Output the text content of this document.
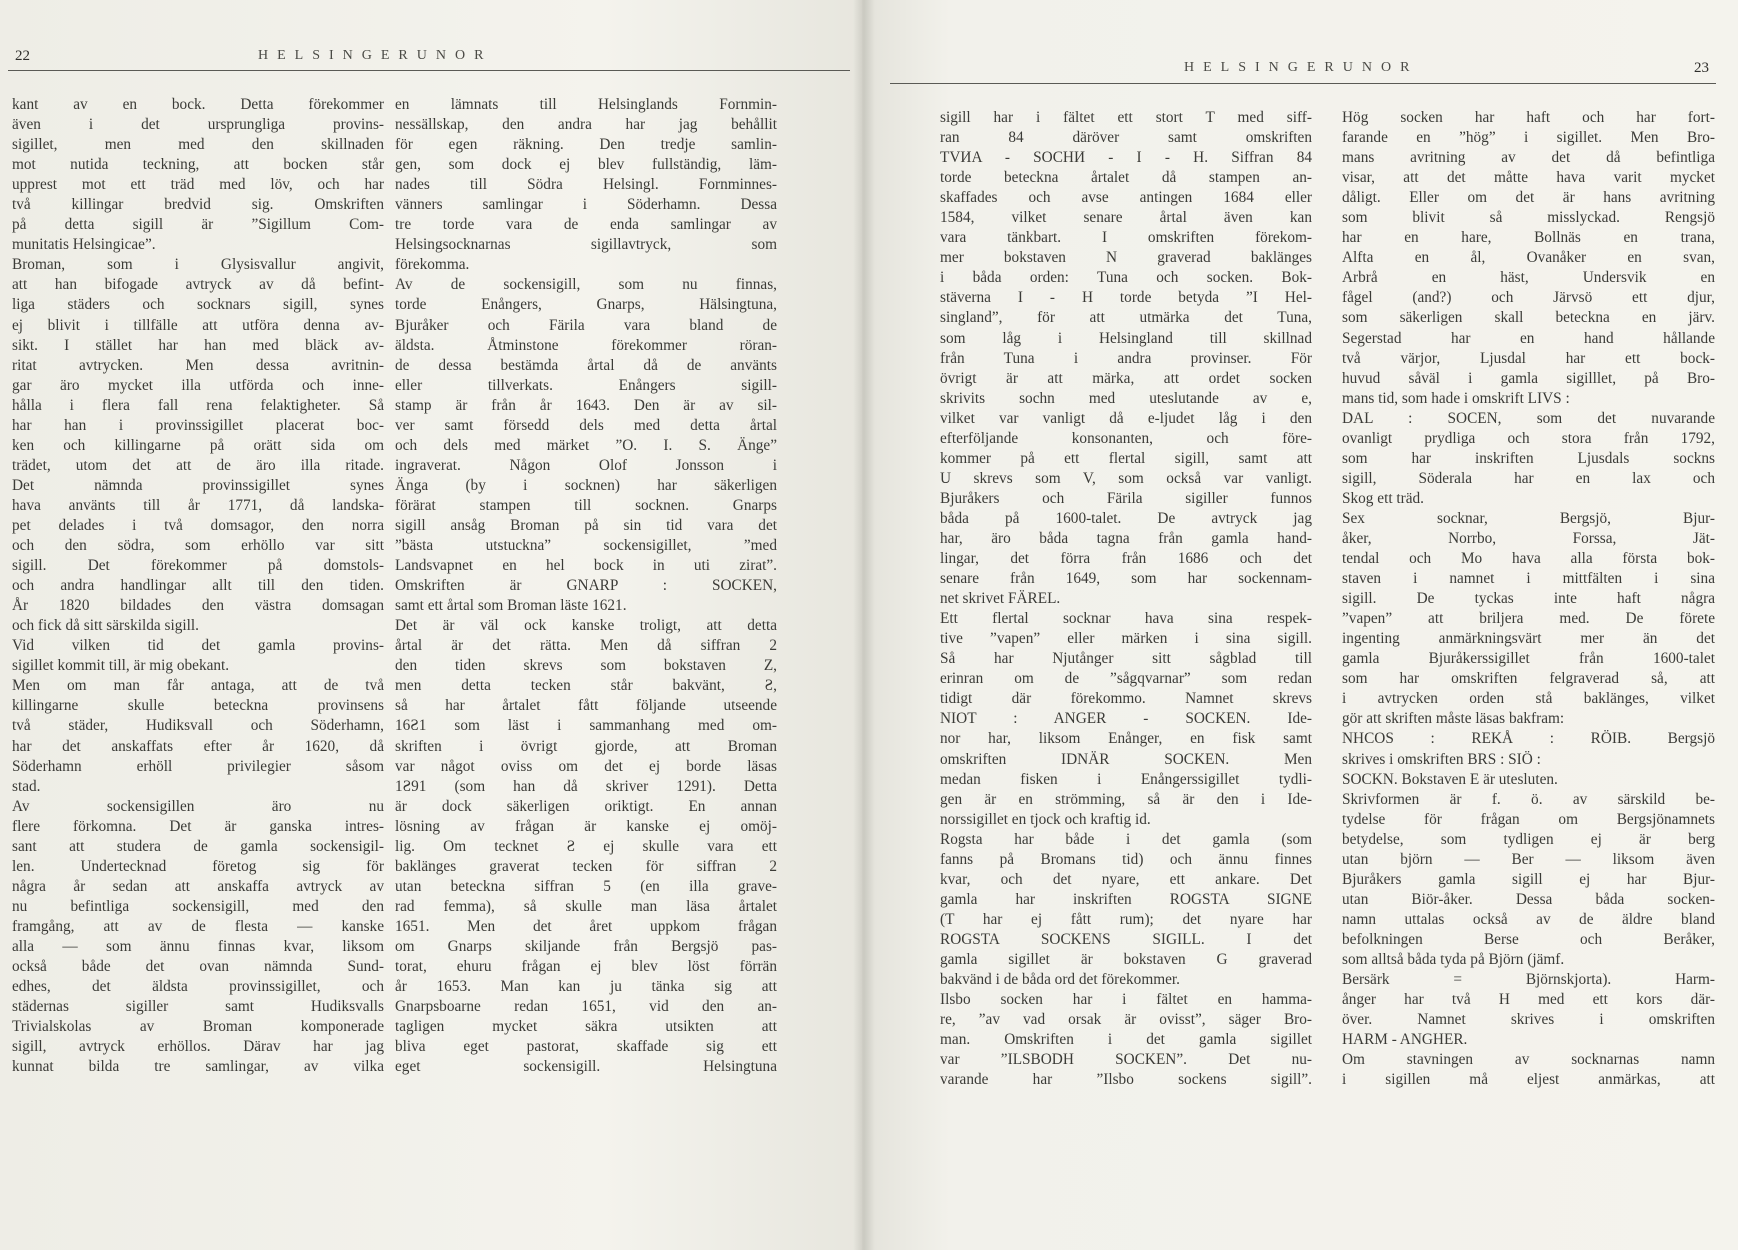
22	HELSINGERUNOR
kant av en bock. Detta förekommer
även i det ursprungliga provins-
sigillet, men med den skillnaden
mot nutida teckning, att bocken står
upprest mot ett träd med löv, och har
två killingar bredvid sig. Omskriften
på detta sigill är ”Sigillum Com-
munitatis Helsingicae”.
Broman, som i Glysisvallur angivit,
att han bifogade avtryck av då befint-
liga städers och socknars sigill, synes
ej blivit i tillfälle att utföra denna av-
sikt. I stället har han med bläck av-
ritat avtrycken. Men dessa avritnin-
gar äro mycket illa utförda och inne-
hålla i flera fall rena felaktigheter. Så
har han i provinssigillet placerat boc-
ken och killingarne på orätt sida om
trädet, utom det att de äro illa ritade.
Det nämnda provinssigillet synes
hava använts till år 1771, då landska-
pet delades i två domsagor, den norra
och den södra, som erhöllo var sitt
sigill. Det förekommer på domstols-
och andra handlingar allt till den tiden.
År 1820 bildades den västra domsagan
och fick då sitt särskilda sigill.
Vid vilken tid det gamla provins-
sigillet kommit till, är mig obekant.
Men om man får antaga, att de två
killingarne skulle beteckna provinsens
två städer, Hudiksvall och Söderhamn,
har det anskaffats efter år 1620, då
Söderhamn erhöll privilegier såsom
stad.
Av sockensigillen äro nu
flere förkomna. Det är ganska intres-
sant att studera de gamla sockensigil-
len. Undertecknad företog sig för
några år sedan att anskaffa avtryck av
nu befintliga sockensigill, med den
framgång, att av de flesta — kanske
alla — som ännu finnas kvar, liksom
också både det ovan nämnda Sund-
edhes, det äldsta provinssigillet, och
städernas sigiller samt Hudiksvalls
Trivialskolas av Broman komponerade
sigill, avtryck erhöllos. Därav har jag
kunnat bilda tre samlingar, av vilka
en lämnats till Helsinglands Fornmin-
nessällskap, den andra har jag behållit
för egen räkning. Den tredje samlin-
gen, som dock ej blev fullständig, läm-
nades till Södra Helsingl. Fornminnes-
vänners samlingar i Söderhamn. Dessa
tre torde vara de enda samlingar av
Helsingsocknarnas sigillavtryck, som
förekomma.
Av de sockensigill, som nu finnas,
torde Enångers, Gnarps, Hälsingtuna,
Bjuråker och Färila vara bland de
äldsta. Åtminstone förekommer röran-
de dessa bestämda årtal då de använts
eller tillverkats. Enångers sigill-
stamp är från år 1643. Den är av sil-
ver samt försedd dels med detta årtal
och dels med märket ”O. I. S. Änge”
ingraverat. Någon Olof Jonsson i
Änga (by i socknen) har säkerligen
förärat stampen till socknen. Gnarps
sigill ansåg Broman på sin tid vara det
”bästa utstuckna” sockensigillet, ”med
Landsvapnet en hel bock in uti zirat”.
Omskriften är GNARP : SOCKEN,
samt ett årtal som Broman läste 1621.
Det är väl ock kanske troligt, att detta
årtal är det rätta. Men då siffran 2
den tiden skrevs som bokstaven Z,
men detta tecken står bakvänt, Ƨ,
så har årtalet fått följande utseende
16Ƨ1 som läst i sammanhang med om-
skriften i övrigt gjorde, att Broman
var något oviss om det ej borde läsas
1Ƨ91 (som han då skriver 1291). Detta
är dock säkerligen oriktigt. En annan
lösning av frågan är kanske ej omöj-
lig. Om tecknet Ƨ ej skulle vara ett
baklänges graverat tecken för siffran 2
utan beteckna siffran 5 (en illa grave-
rad femma), så skulle man läsa årtalet
1651. Men det året uppkom frågan
om Gnarps skiljande från Bergsjö pas-
torat, ehuru frågan ej blev löst förrän
år 1653. Man kan ju tänka sig att
Gnarpsboarne redan 1651, vid den an-
tagligen mycket säkra utsikten att
bliva eget pastorat, skaffade sig ett
eget sockensigill. Helsingtuna
HELSINGERUNOR	23
sigill har i fältet ett stort T med siff-
ran 84 däröver samt omskriften
TVИA - SOCHИ - I - H. Siffran 84
torde beteckna årtalet då stampen an-
skaffades och avse antingen 1684 eller
1584, vilket senare årtal även kan
vara tänkbart. I omskriften förekom-
mer bokstaven N graverad baklänges
i båda orden: Tuna och socken. Bok-
stäverna I - H torde betyda ”I Hel-
singland”, för att utmärka det Tuna,
som låg i Helsingland till skillnad
från Tuna i andra provinser. För
övrigt är att märka, att ordet socken
skrivits sochn med uteslutande av e,
vilket var vanligt då e-ljudet låg i den
efterföljande konsonanten, och före-
kommer på ett flertal sigill, samt att
U skrevs som V, som också var vanligt.
Bjuråkers och Färila sigiller funnos
båda på 1600-talet. De avtryck jag
har, äro båda tagna från gamla hand-
lingar, det förra från 1686 och det
senare från 1649, som har sockennam-
net skrivet FÄREL.
Ett flertal socknar hava sina respek-
tive ”vapen” eller märken i sina sigill.
Så har Njutånger sitt sågblad till
erinran om de ”sågqvarnar” som redan
tidigt där förekommo. Namnet skrevs
NIOT : ANGER - SOCKEN. Ide-
nor har, liksom Enånger, en fisk samt
omskriften IDNÄR SOCKEN. Men
medan fisken i Enångerssigillet tydli-
gen är en strömming, så är den i Ide-
norssigillet en tjock och kraftig id.
Rogsta har både i det gamla (som
fanns på Bromans tid) och ännu finnes
kvar, och det nyare, ett ankare. Det
gamla har inskriften ROGSTA SIGNE
(T har ej fått rum); det nyare har
ROGSTA SOCKENS SIGILL. I det
gamla sigillet är bokstaven G graverad
bakvänd i de båda ord det förekommer.
Ilsbo socken har i fältet en hamma-
re, ”av vad orsak är ovisst”, säger Bro-
man. Omskriften i det gamla sigillet
var ”ILSBODH SOCKEN”. Det nu-
varande har ”Ilsbo sockens sigill”.
Hög socken har haft och har fort-
farande en ”hög” i sigillet. Men Bro-
mans avritning av det då befintliga
visar, att det måtte hava varit mycket
dåligt. Eller om det är hans avritning
som blivit så misslyckad. Rengsjö
har en hare, Bollnäs en trana,
Alfta en ål, Ovanåker en svan,
Arbrå en häst, Undersvik en
fågel (and?) och Järvsö ett djur,
som säkerligen skall beteckna en järv.
Segerstad har en hand hållande
två värjor, Ljusdal har ett bock-
huvud såväl i gamla sigilllet, på Bro-
mans tid, som hade i omskrift LIVS :
DAL : SOCEN, som det nuvarande
ovanligt prydliga och stora från 1792,
som har inskriften Ljusdals sockns
sigill, Söderala har en lax och
Skog ett träd.
Sex socknar, Bergsjö, Bjur-
åker, Norrbo, Forssa, Jät-
tendal och Mo hava alla första bok-
staven i namnet i mittfälten i sina
sigill. De tyckas inte haft några
”vapen” att briljera med. De förete
ingenting anmärkningsvärt mer än det
gamla Bjuråkerssigillet från 1600-talet
som har omskriften felgraverad så, att
i avtrycken orden stå baklänges, vilket
gör att skriften måste läsas bakfram:
NHCOS : REKÅ : RÖIB. Bergsjö
skrives i omskriften BRS : SIÖ :
SOCKN. Bokstaven E är utesluten.
Skrivformen är f. ö. av särskild be-
tydelse för frågan om Bergsjönamnets
betydelse, som tydligen ej är berg
utan björn — Ber — liksom även
Bjuråkers gamla sigill ej har Bjur-
utan Biör-åker. Dessa båda socken-
namn uttalas också av de äldre bland
befolkningen Berse och Beråker,
som alltså båda tyda på Björn (jämf.
Bersärk = Björnskjorta). Harm-
ånger har två H med ett kors där-
över. Namnet skrives i omskriften
HARM - ANGHER.
Om stavningen av socknarnas namn
i sigillen må eljest anmärkas, att
